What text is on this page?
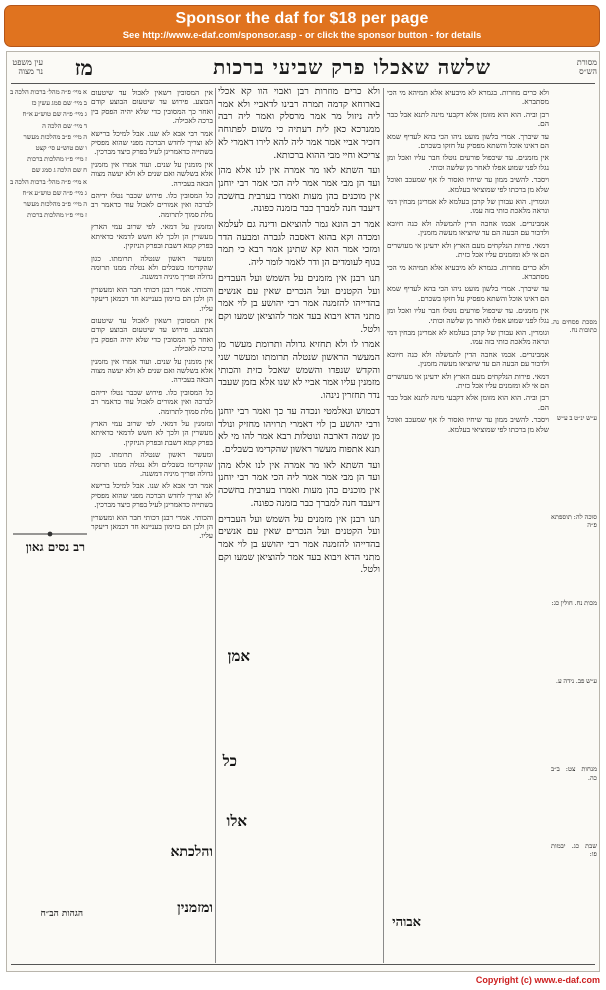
Sponsor the daf for $18 per page
See http://www.e-daf.com/sponsor.asp - or click the sponsor button - for details
שלשה שאכלו פרק שביעי ברכות
מז	מסורת הש״ס
עין משפט נר מצוה

מסכת פסחים נה. כתובות נח.

ע״ש ינ״ט ב ע״ש

סוכה לה: תוספתא פ״ה

מכות נח. חולין כג:

ע״ש פב. נידה ע.

מנחות צט: ב״ב כה.

שבת כג. יבמות פו:

ולא כרים מוזרות. בגמרא לא מיבעיא אלא תמיהא מי הכי מסתברא.

רבן וביה. הוא הוא מזומן אלא דקבעי מינה לתנא אבל כבר הם.

עד שיברך. אמרי בלשון מועט ניהו הכי בהא לעדיף שמא הם דאינו אוכל והשתא מפסיק על חזקו בשכרם.

אין מזמנים. עד שיכפול פורעים נוטלו חבר עליו ואכל ומן נגלו לפני שמוע אפלו לאחר מן שלשה וכותי.

ויסבר. להשיב ממון עד שיחיו ואסור לו אף שמעכב ואוכל שלא מן ברכתו לפי שמוציאי בעלמא.

וגומרין. הוא עבורן של קרבן בעלמא לא אמרינן מבחין דמי ונראה מלאכת כותי בזה עמו.

אמבינרים. אכמו אחבה הדין להמשלה ולא כנה חיובא ולדבור עם הבעה הם עד שיוציאו מעשה מזמנין.

דמאי. פירות הנלקחים מעם הארץ ולא ידעינן אי מעושרים הם אי לא ומזמנים עליו אכל כזית.

ולא כרים מוזרות. בגמרא לא מיבעיא אלא תמיהא מי הכי מסתברא.

עד שיברך. אמרי בלשון מועט ניהו הכי בהא לעדיף שמא הם דאינו אוכל והשתא מפסיק על חזקו בשכרם.

אין מזמנים. עד שיכפול פורעים נוטלו חבר עליו ואכל ומן נגלו לפני שמוע אפלו לאחר מן שלשה וכותי.

וגומרין. הוא עבורן של קרבן בעלמא לא אמרינן מבחין דמי ונראה מלאכת כותי בזה עמו.

אמבינרים. אכמו אחבה הדין להמשלה ולא כנה חיובא ולדבור עם הבעה הם עד שיוציאו מעשה מזמנין.

דמאי. פירות הנלקחים מעם הארץ ולא ידעינן אי מעושרים הם אי לא ומזמנים עליו אכל כזית.

רבן וביה. הוא הוא מזומן אלא דקבעי מינה לתנא אבל כבר הם.

ויסבר. להשיב ממון עד שיחיו ואסור לו אף שמעכב ואוכל שלא מן ברכתו לפי שמוציאי בעלמא.

ולא כרים מוזרות רבן ואבוי הוו קא אכלי בארוחא קדמה תמרה רבינו לדאביי ולא אמר ליה ניזול מר אמר מרסלק ואמר ליה רבה ממנרכא כאן לית דעתיה כי משום לפתוחה דזכיר אביי אמר אמר ליה להא לירו דאמרי לא צריכא וחיי מבי ההוא ברכותא.

ועד השתא לאו מר אמרה אין לנו אלא מהן ועד הן מבי אמר אמר ליה הכי אמר רבי יוחנן אין מוכנים בהן מעות ואמרו בערבית בחשכה דיעבד חנה למברך כבר בזמנה כפונה.

אמר רב הונא גמר להוציאם ודינה גם לעלמא ומכדה וקא בהוא דאסבה לגברה ומבעה הדר ומזכי אמר הוא קא שתינן אמר רבא כי תמר בגוף לעומדים הן ודר לאמר לומר ליה.

תנו רבנן אין מזמנים על השמש ועל העבדים ועל הקטנים ועל הנכרים שאין עם אנשים בהדייהו להזמנה אמר רבי יהושע בן לוי אמר מתני הדא ויבוא בעד אמר להוציאן שמעו וקם ולטל.

אמרו לו ולא תחזיא גדולה ותרומת מעשר מן המעשר הראשון שנטלה תרומתו ומעשר שני והקדש שנפדו והשמש שאכל כזית והכותי מזמנין עליו אמר אביי לא שנו אלא בזמן שעבד נדר תחזרין נינהו.

דכמוש ונאלמטי ונכדה עד כך ואמר רבי יוחנן ורבי יהושע בן לוי דאמרי תרויהו מחזיק ונולד מן שמה דארבה ונוטלות רבא אמר להו מי לא תנא אתפוח מעשר ראשון שהקדימו בשבלים.

ועד השתא לאו מר אמרה אין לנו אלא מהן ועד הן מבי אמר אמר ליה הכי אמר רבי יוחנן אין מוכנים בהן מעות ואמרו בערבית בחשכה דיעבד חנה למברך כבר בזמנה כפונה.

תנו רבנן אין מזמנים על השמש ועל העבדים ועל הקטנים ועל הנכרים שאין עם אנשים בהדייהו להזמנה אמר רבי יהושע בן לוי אמר מתני הדא ויבוא בעד אמר להוציאן שמעו וקם ולטל.

אין המסובין רשאין לאכול עד שיטעום הבוצע. פירוש עד שיטעום הבוצע קודם ואחר כך המסובין כדי שלא יהיה הפסק בין ברכה לאכילה.

אמר רבי אבא לא שנו. אבל למיכל ברישא לא וצריך לחדש הברכה מפני שהוא מפסיק בשתייה כדאמרינן לעיל בפרק כיצד מברכין.

אין מזמנין על שנים. ועוד אמרו אין מזמנין אלא בשלשה ואם שנים לא ולא יעשה מצוה הבאה בעבירה.

כל המסובין כלו. פירוש שכבר נטלו ידיהם לברכה ואין אמורים לאכול עוד כדאמר רב מלת סמוך לתרומה.

ומזמנין על דמאי. לפי שרוב עמי הארץ מעשרין הן ולכך לא חשש לדמאי כדאיתא בפרק קמא דשבת ובפרק הניזקין.

ומעשר ראשון שנטלה תרומתו. כגון שהקדימו בשבלים ולא נטלה ממנו תרומה גדולה ופריך מיניה דמשנה.

והכותי. אמרי רבנן דכותי חבר הוא ומעשרין הן ולכן הם בזימון בעניינא חד דכמאן דיעקר עליו.

אין המסובין רשאין לאכול עד שיטעום הבוצע. פירוש עד שיטעום הבוצע קודם ואחר כך המסובין כדי שלא יהיה הפסק בין ברכה לאכילה.

אין מזמנין על שנים. ועוד אמרו אין מזמנין אלא בשלשה ואם שנים לא ולא יעשה מצוה הבאה בעבירה.

כל המסובין כלו. פירוש שכבר נטלו ידיהם לברכה ואין אמורים לאכול עוד כדאמר רב מלת סמוך לתרומה.

ומזמנין על דמאי. לפי שרוב עמי הארץ מעשרין הן ולכך לא חשש לדמאי כדאיתא בפרק קמא דשבת ובפרק הניזקין.

ומעשר ראשון שנטלה תרומתו. כגון שהקדימו בשבלים ולא נטלה ממנו תרומה גדולה ופריך מיניה דמשנה.

אמר רבי אבא לא שנו. אבל למיכל ברישא לא וצריך לחדש הברכה מפני שהוא מפסיק בשתייה כדאמרינן לעיל בפרק כיצד מברכין.

והכותי. אמרי רבנן דכותי חבר הוא ומעשרין הן ולכן הם בזימון בעניינא חד דכמאן דיעקר עליו.

א מיי׳ פ״ה מהל׳ ברכות הלכה ב

ב מיי׳ שם סמג עשין כז

ג מיי׳ פ״ה שם טוש״ע א״ח

ד מיי׳ שם הלכה ה

ה מיי׳ פ״ב מהלכות מעשר

ו שם טוש״ע סי׳ קצט

ז מיי׳ פ״ו מהלכות ברכות

ח שם הלכה ג סמג שם

א מיי׳ פ״ה מהל׳ ברכות הלכה ב

ג מיי׳ פ״ה שם טוש״ע א״ח

ה מיי׳ פ״ב מהלכות מעשר

ז מיי׳ פ״ו מהלכות ברכות

רב נסים גאון
הגהות הב״ח
אמן
כל
אלו
והלכתא
ומזמנין
אבוהי
Copyright (c) www.e-daf.com
